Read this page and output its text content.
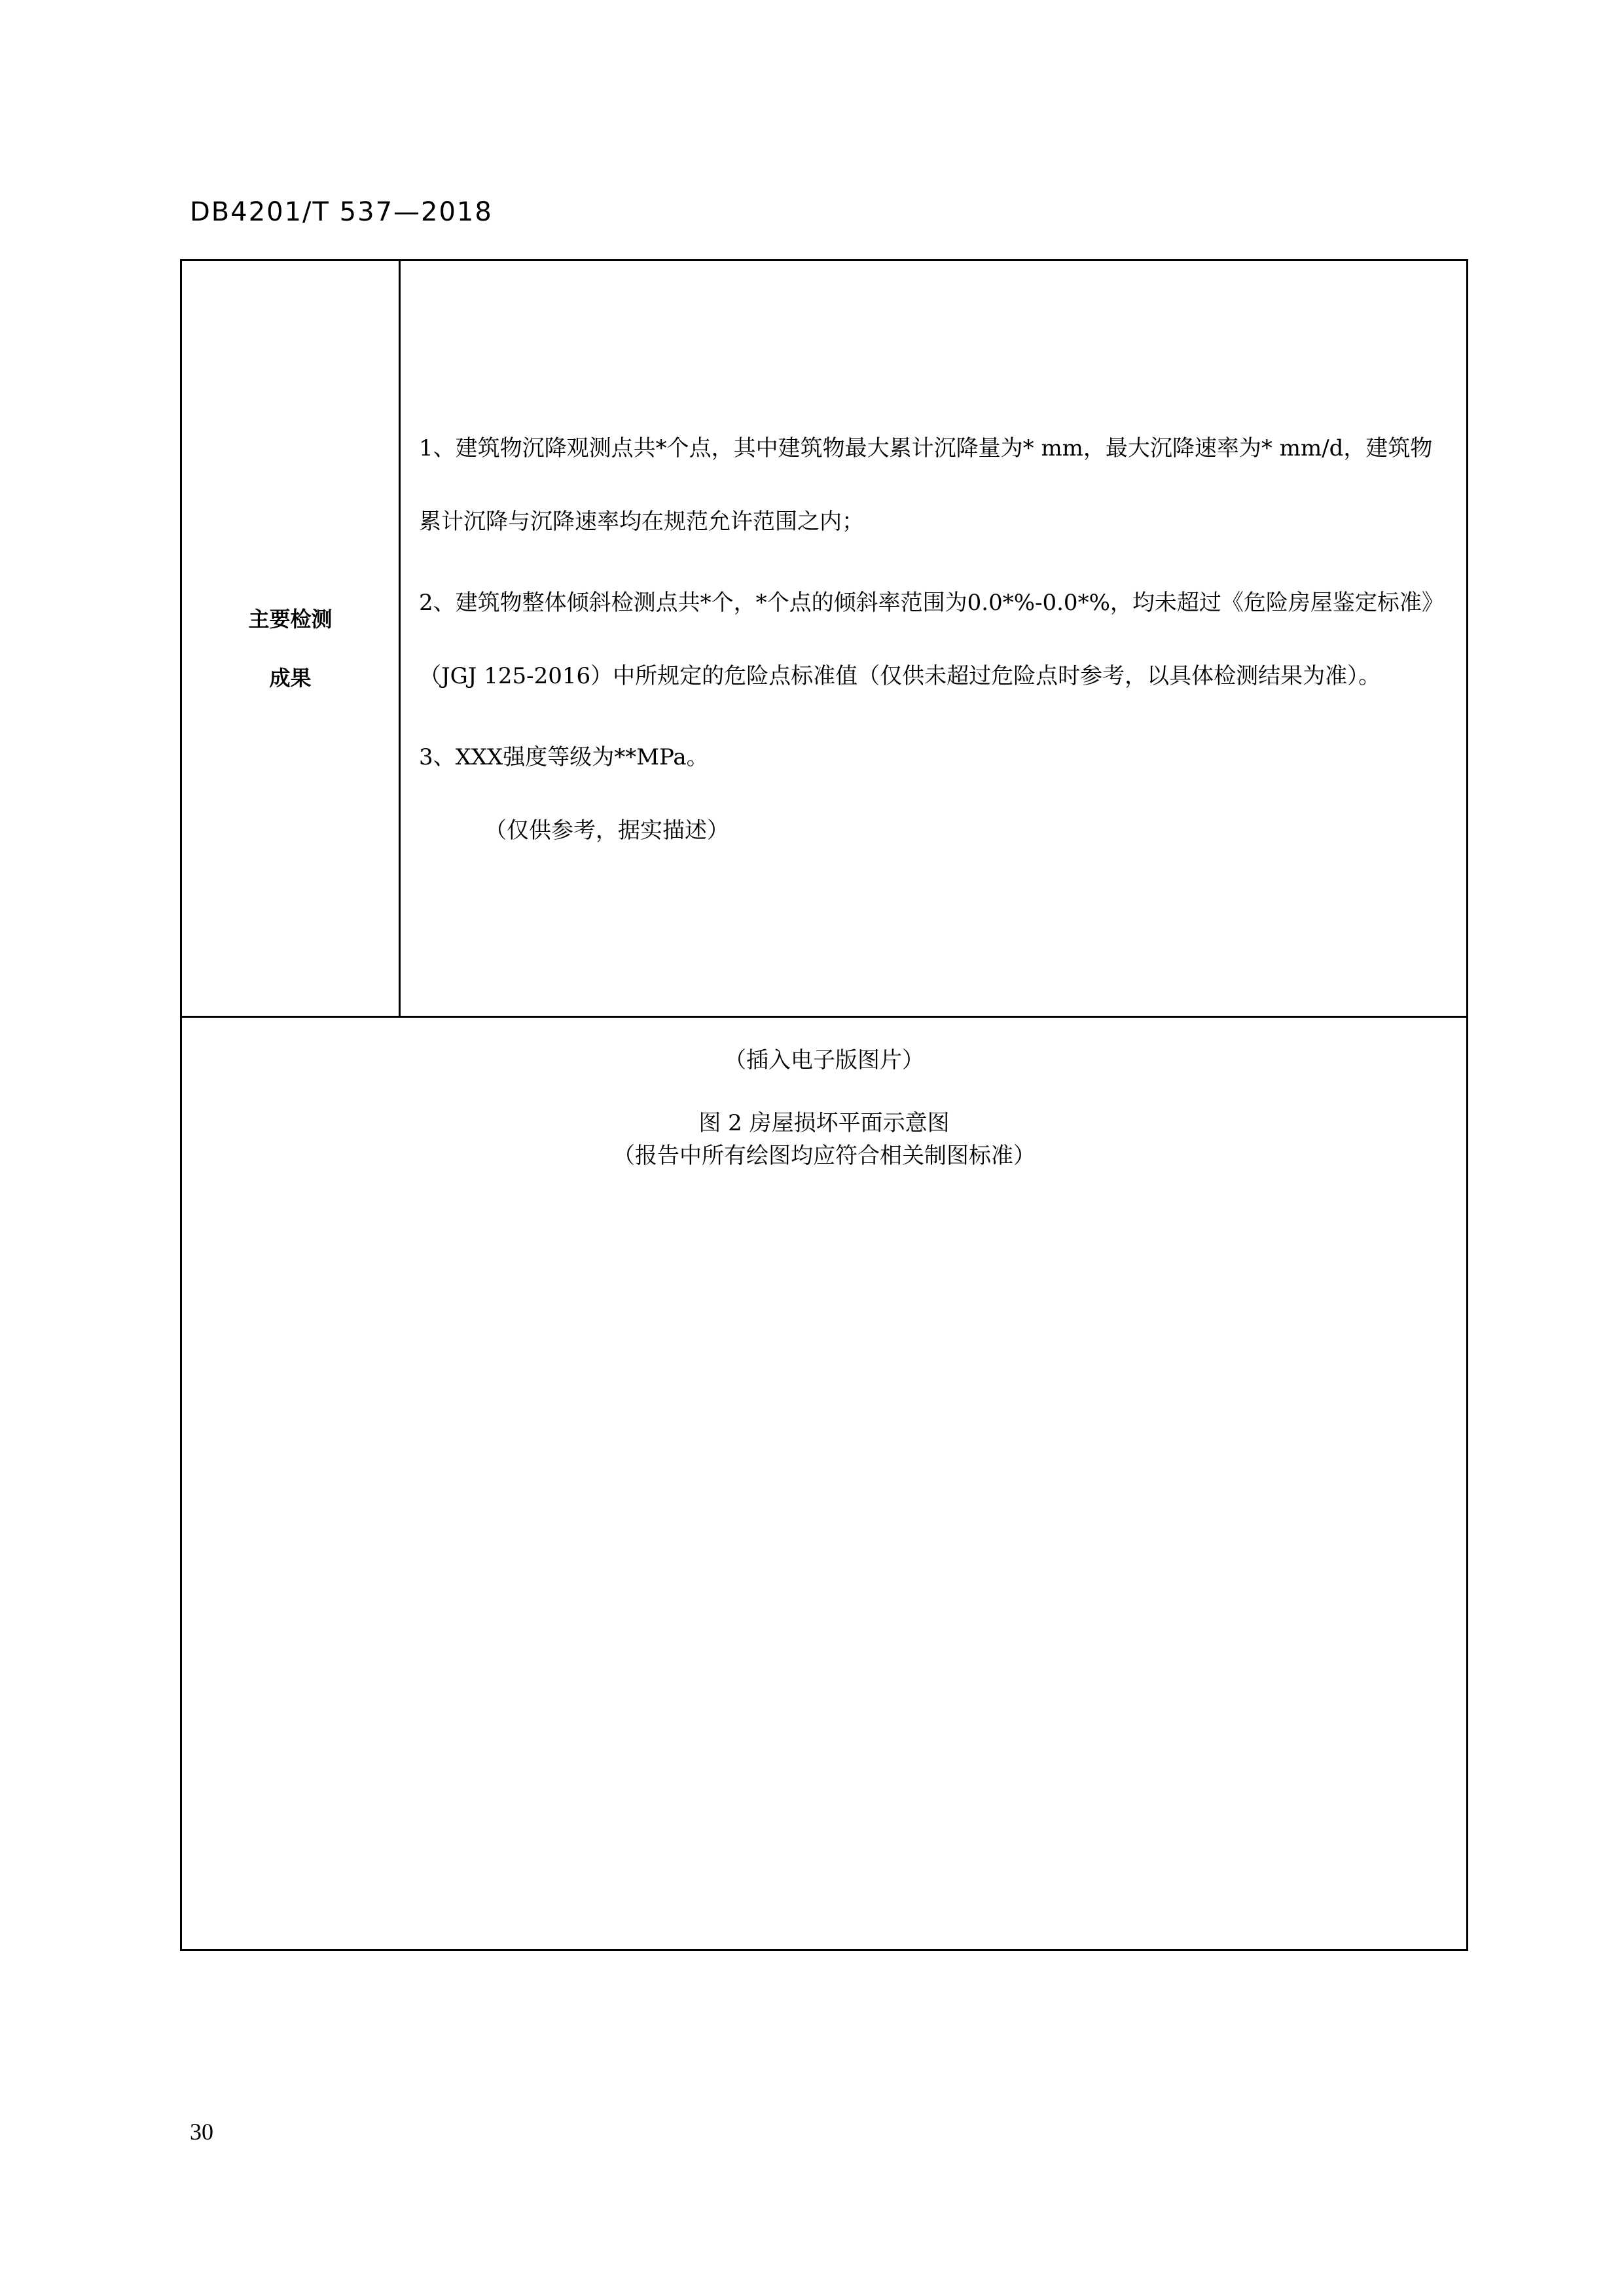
DB4201/T 537—2018
主要检测
成果

1、建筑物沉降观测点共*个点，其中建筑物最大累计沉降量为* mm，最大沉降速率为* mm/d，建筑物累计沉降与沉降速率均在规范允许范围之内；

2、建筑物整体倾斜检测点共*个，*个点的倾斜率范围为0.0*%-0.0*%，均未超过《危险房屋鉴定标准》（JGJ 125-2016）中所规定的危险点标准值（仅供未超过危险点时参考，以具体检测结果为准）。

3、XXX强度等级为**MPa。

（仅供参考，据实描述）

（插入电子版图片）
图 2 房屋损坏平面示意图
（报告中所有绘图均应符合相关制图标准）
30
